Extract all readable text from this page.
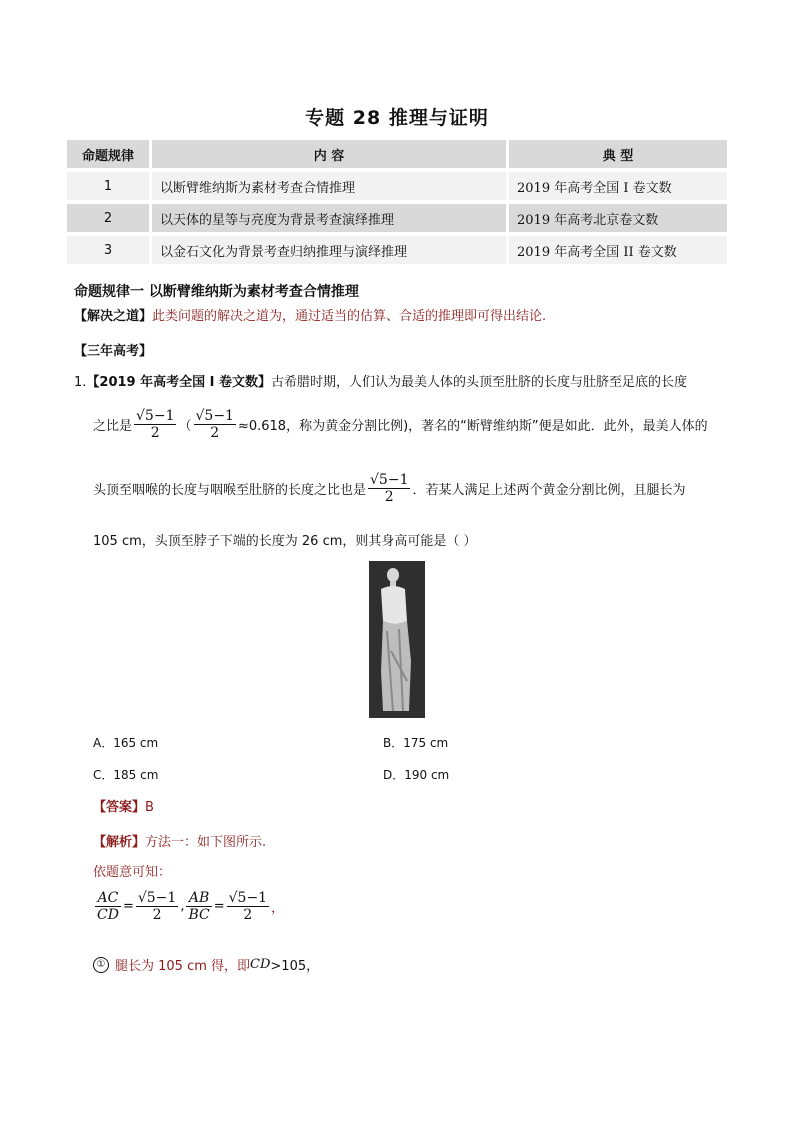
专题 28 推理与证明
命题规律	内 容	典 型
1	以断臂维纳斯为素材考查合情推理	2019 年高考全国 I 卷文数
2	以天体的星等与亮度为背景考查演绎推理	2019 年高考北京卷文数
3	以金石文化为背景考查归纳推理与演绎推理	2019 年高考全国 II 卷文数
命题规律一 以断臂维纳斯为素材考查合情推理
【解决之道】此类问题的解决之道为，通过适当的估算、合适的推理即可得出结论.
【三年高考】
1.【2019 年高考全国 I 卷文数】古希腊时期，人们认为最美人体的头顶至肚脐的长度与肚脐至足底的长度
之比是 $\frac{√5-1}{2}$ （ $\frac{√5-1}{2} \approx 0.618$，称为黄金分割比例)，著名的“断臂维纳斯”便是如此．此外，最美人体的
头顶至咽喉的长度与咽喉至肚脐的长度之比也是 $\frac{√5-1}{2}$ ．若某人满足上述两个黄金分割比例，且腿长为
105 cm，头顶至脖子下端的长度为 26 cm，则其身高可能是（ ）
A．165 cm	B．175 cm
C．185 cm	D．190 cm
【答案】B
【解析】方法一：如下图所示.
依题意可知：
$\frac{AC}{CD} = \frac{√5-1}{2}$ , $\frac{AB}{BC} = \frac{√5-1}{2}$ ，
① 腿长为 105 cm 得，即 CD >105，
